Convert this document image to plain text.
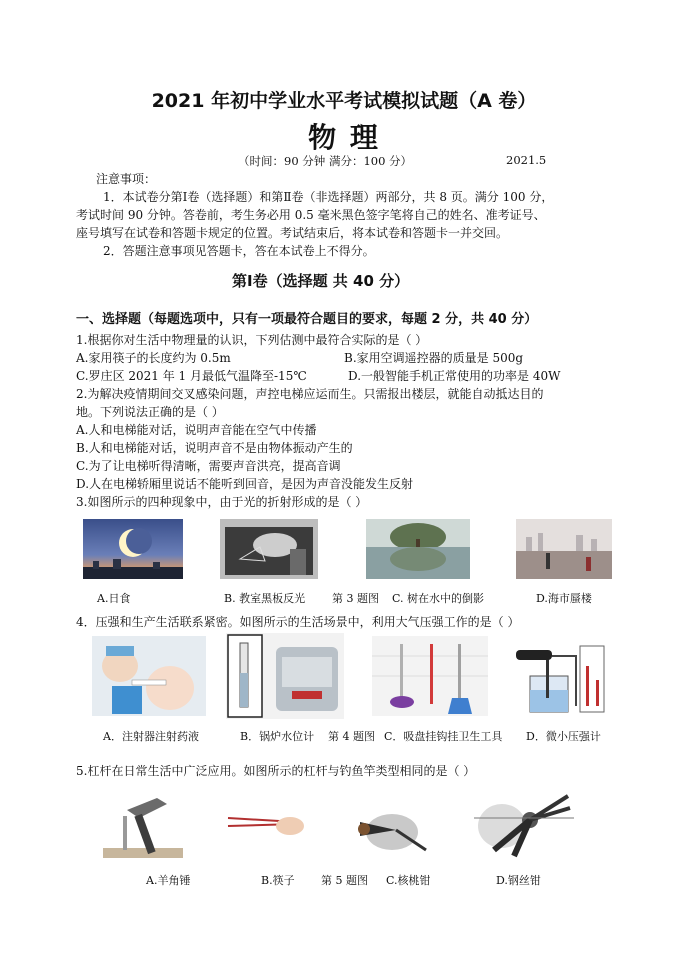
2021 年初中学业水平考试模拟试题（A 卷）
物 理
（时间：90 分钟 满分：100 分）	2021.5
注意事项：
1．本试卷分第Ⅰ卷（选择题）和第Ⅱ卷（非选择题）两部分，共 8 页。满分 100 分，
考试时间 90 分钟。答卷前，考生务必用 0.5 毫米黑色签字笔将自己的姓名、准考证号、
座号填写在试卷和答题卡规定的位置。考试结束后，将本试卷和答题卡一并交回。
2．答题注意事项见答题卡，答在本试卷上不得分。
第Ⅰ卷（选择题 共 40 分）
一、选择题（每题选项中，只有一项最符合题目的要求，每题 2 分，共 40 分）
1.根据你对生活中物理量的认识，下列估测中最符合实际的是（ ）
A.家用筷子的长度约为 0.5m	B.家用空调遥控器的质量是 500g
C.罗庄区 2021 年 1 月最低气温降至-15℃	D.一般智能手机正常使用的功率是 40W
2.为解决疫情期间交叉感染问题，声控电梯应运而生。只需报出楼层，就能自动抵达目的
地。下列说法正确的是（ ）
A.人和电梯能对话，说明声音能在空气中传播
B.人和电梯能对话，说明声音不是由物体振动产生的
C.为了让电梯听得清晰，需要声音洪亮，提高音调
D.人在电梯轿厢里说话不能听到回音，是因为声音没能发生反射
3.如图所示的四种现象中，由于光的折射形成的是（ ）
A.日食	B. 教室黑板反光 第 3 题图 C. 树在水中的倒影	D.海市蜃楼
4．压强和生产生活联系紧密。如图所示的生活场景中，利用大气压强工作的是（ ）
A．注射器注射药液	B．锅炉水位计 第 4 题图 C．吸盘挂钩挂卫生工具 D．微小压强计
5.杠杆在日常生活中广泛应用。如图所示的杠杆与钓鱼竿类型相同的是（ ）
A.羊角锤	B.筷子 第 5 题图 C.核桃钳	D.钢丝钳
